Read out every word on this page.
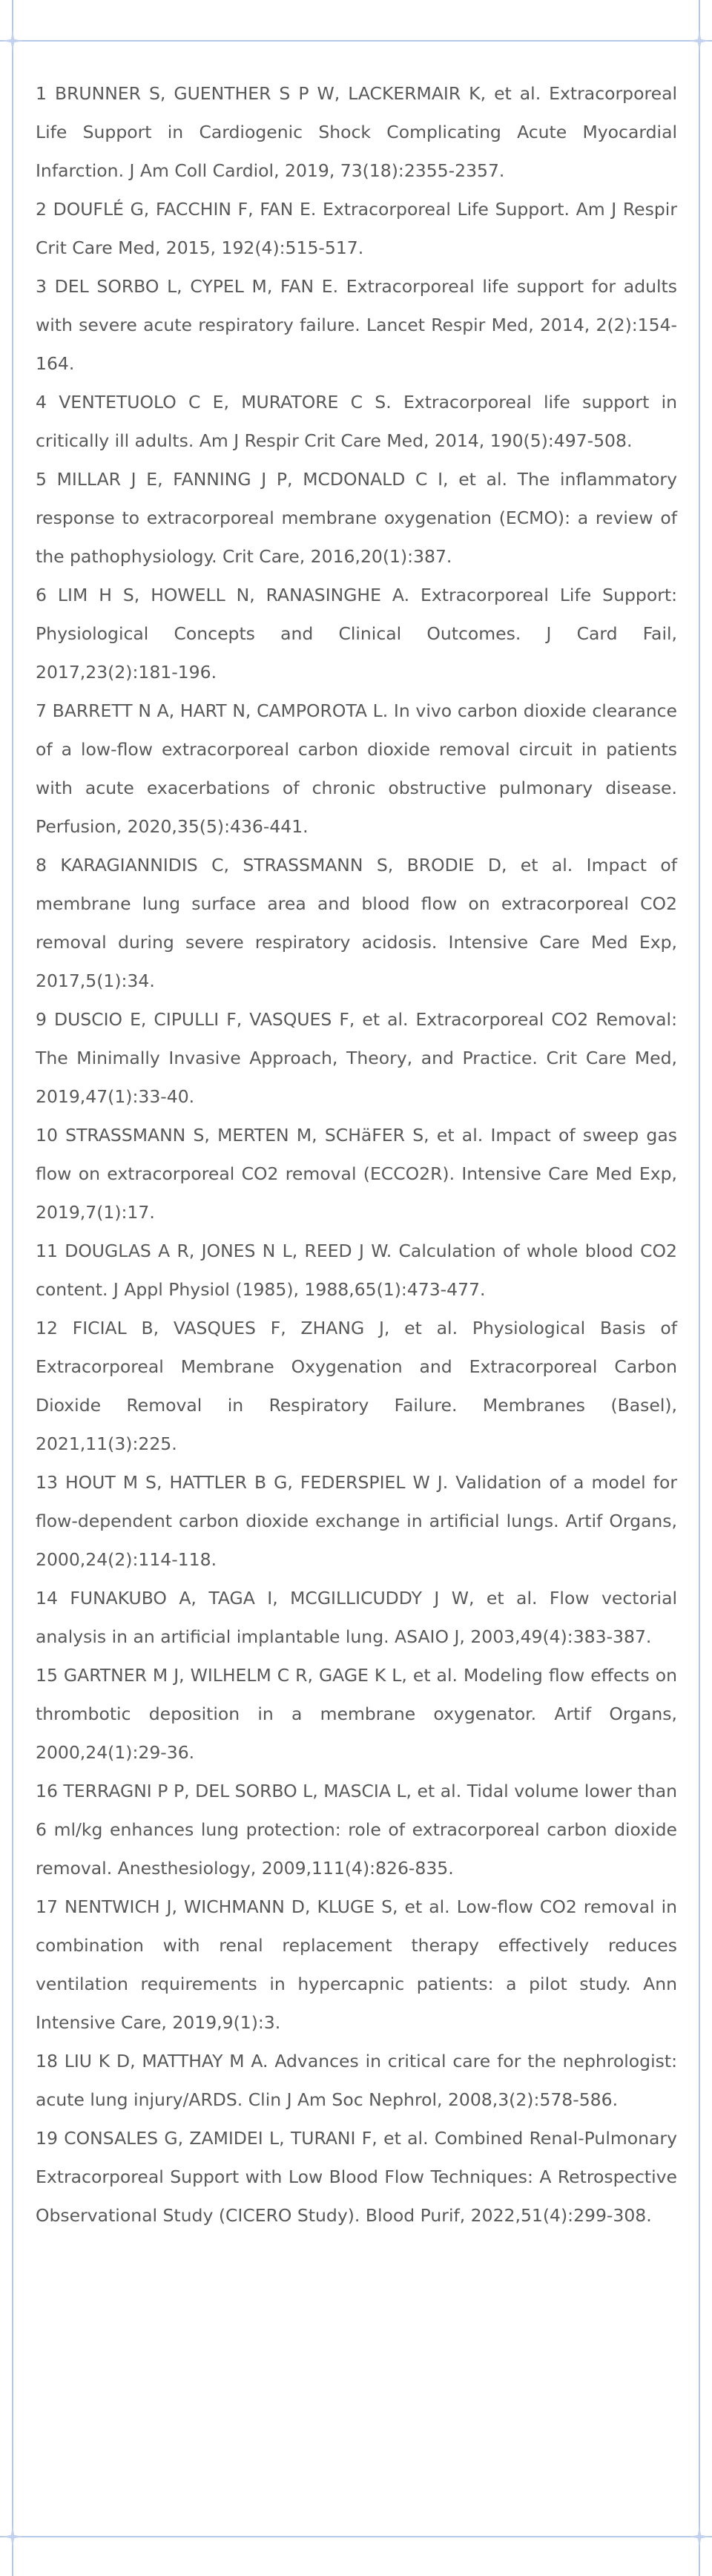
1 BRUNNER S, GUENTHER S P W, LACKERMAIR K, et al. Extracorporeal Life Support in Cardiogenic Shock Complicating Acute Myocardial Infarction. J Am Coll Cardiol, 2019, 73(18):2355-2357.

2 DOUFLÉ G, FACCHIN F, FAN E. Extracorporeal Life Support. Am J Respir Crit Care Med, 2015, 192(4):515-517.

3 DEL SORBO L, CYPEL M, FAN E. Extracorporeal life support for adults with severe acute respiratory failure. Lancet Respir Med, 2014, 2(2):154-164.

4 VENTETUOLO C E, MURATORE C S. Extracorporeal life support in critically ill adults. Am J Respir Crit Care Med, 2014, 190(5):497-508.

5 MILLAR J E, FANNING J P, MCDONALD C I, et al. The inflammatory response to extracorporeal membrane oxygenation (ECMO): a review of the pathophysiology. Crit Care, 2016,20(1):387.

6 LIM H S, HOWELL N, RANASINGHE A. Extracorporeal Life Support: Physiological Concepts and Clinical Outcomes. J Card Fail, 2017,23(2):181-196.

7 BARRETT N A, HART N, CAMPOROTA L. In vivo carbon dioxide clearance of a low-flow extracorporeal carbon dioxide removal circuit in patients with acute exacerbations of chronic obstructive pulmonary disease. Perfusion, 2020,35(5):436-441.

8 KARAGIANNIDIS C, STRASSMANN S, BRODIE D, et al. Impact of membrane lung surface area and blood flow on extracorporeal CO2 removal during severe respiratory acidosis. Intensive Care Med Exp, 2017,5(1):34.

9 DUSCIO E, CIPULLI F, VASQUES F, et al. Extracorporeal CO2 Removal: The Minimally Invasive Approach, Theory, and Practice. Crit Care Med, 2019,47(1):33-40.

10 STRASSMANN S, MERTEN M, SCHäFER S, et al. Impact of sweep gas flow on extracorporeal CO2 removal (ECCO2R). Intensive Care Med Exp, 2019,7(1):17.

11 DOUGLAS A R, JONES N L, REED J W. Calculation of whole blood CO2 content. J Appl Physiol (1985), 1988,65(1):473-477.

12 FICIAL B, VASQUES F, ZHANG J, et al. Physiological Basis of Extracorporeal Membrane Oxygenation and Extracorporeal Carbon Dioxide Removal in Respiratory Failure. Membranes (Basel), 2021,11(3):225.

13 HOUT M S, HATTLER B G, FEDERSPIEL W J. Validation of a model for flow-dependent carbon dioxide exchange in artificial lungs. Artif Organs, 2000,24(2):114-118.

14 FUNAKUBO A, TAGA I, MCGILLICUDDY J W, et al. Flow vectorial analysis in an artificial implantable lung. ASAIO J, 2003,49(4):383-387.

15 GARTNER M J, WILHELM C R, GAGE K L, et al. Modeling flow effects on thrombotic deposition in a membrane oxygenator. Artif Organs, 2000,24(1):29-36.

16 TERRAGNI P P, DEL SORBO L, MASCIA L, et al. Tidal volume lower than 6 ml/kg enhances lung protection: role of extracorporeal carbon dioxide removal. Anesthesiology, 2009,111(4):826-835.

17 NENTWICH J, WICHMANN D, KLUGE S, et al. Low-flow CO2 removal in combination with renal replacement therapy effectively reduces ventilation requirements in hypercapnic patients: a pilot study. Ann Intensive Care, 2019,9(1):3.

18 LIU K D, MATTHAY M A. Advances in critical care for the nephrologist: acute lung injury/ARDS. Clin J Am Soc Nephrol, 2008,3(2):578-586.

19 CONSALES G, ZAMIDEI L, TURANI F, et al. Combined Renal-Pulmonary Extracorporeal Support with Low Blood Flow Techniques: A Retrospective Observational Study (CICERO Study). Blood Purif, 2022,51(4):299-308.
